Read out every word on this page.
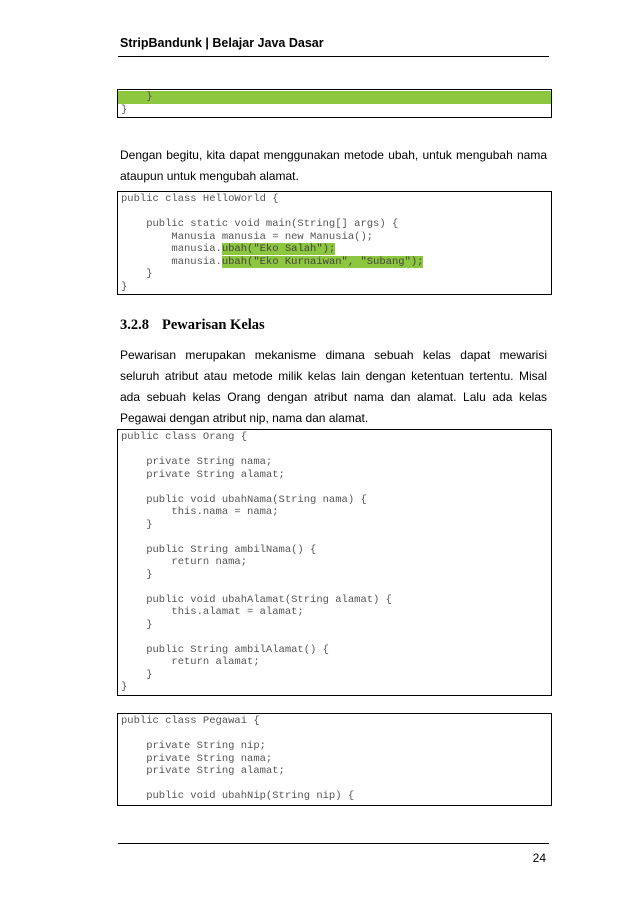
StripBandunk | Belajar Java Dasar
}
}
Dengan begitu, kita dapat menggunakan metode ubah, untuk mengubah nama ataupun untuk mengubah alamat.
public class HelloWorld {
public static void main(String[] args) {
Manusia manusia = new Manusia();
manusia.ubah("Eko Salah");
manusia.ubah("Eko Kurnaiwan", "Subang");
}
}
3.2.8 Pewarisan Kelas
Pewarisan merupakan mekanisme dimana sebuah kelas dapat mewarisi seluruh atribut atau metode milik kelas lain dengan ketentuan tertentu. Misal ada sebuah kelas Orang dengan atribut nama dan alamat. Lalu ada kelas Pegawai dengan atribut nip, nama dan alamat.
public class Orang {
private String nama;
private String alamat;
public void ubahNama(String nama) {
this.nama = nama;
}
public String ambilNama() {
return nama;
}
public void ubahAlamat(String alamat) {
this.alamat = alamat;
}
public String ambilAlamat() {
return alamat;
}
}
public class Pegawai {
private String nip;
private String nama;
private String alamat;
public void ubahNip(String nip) {
24
